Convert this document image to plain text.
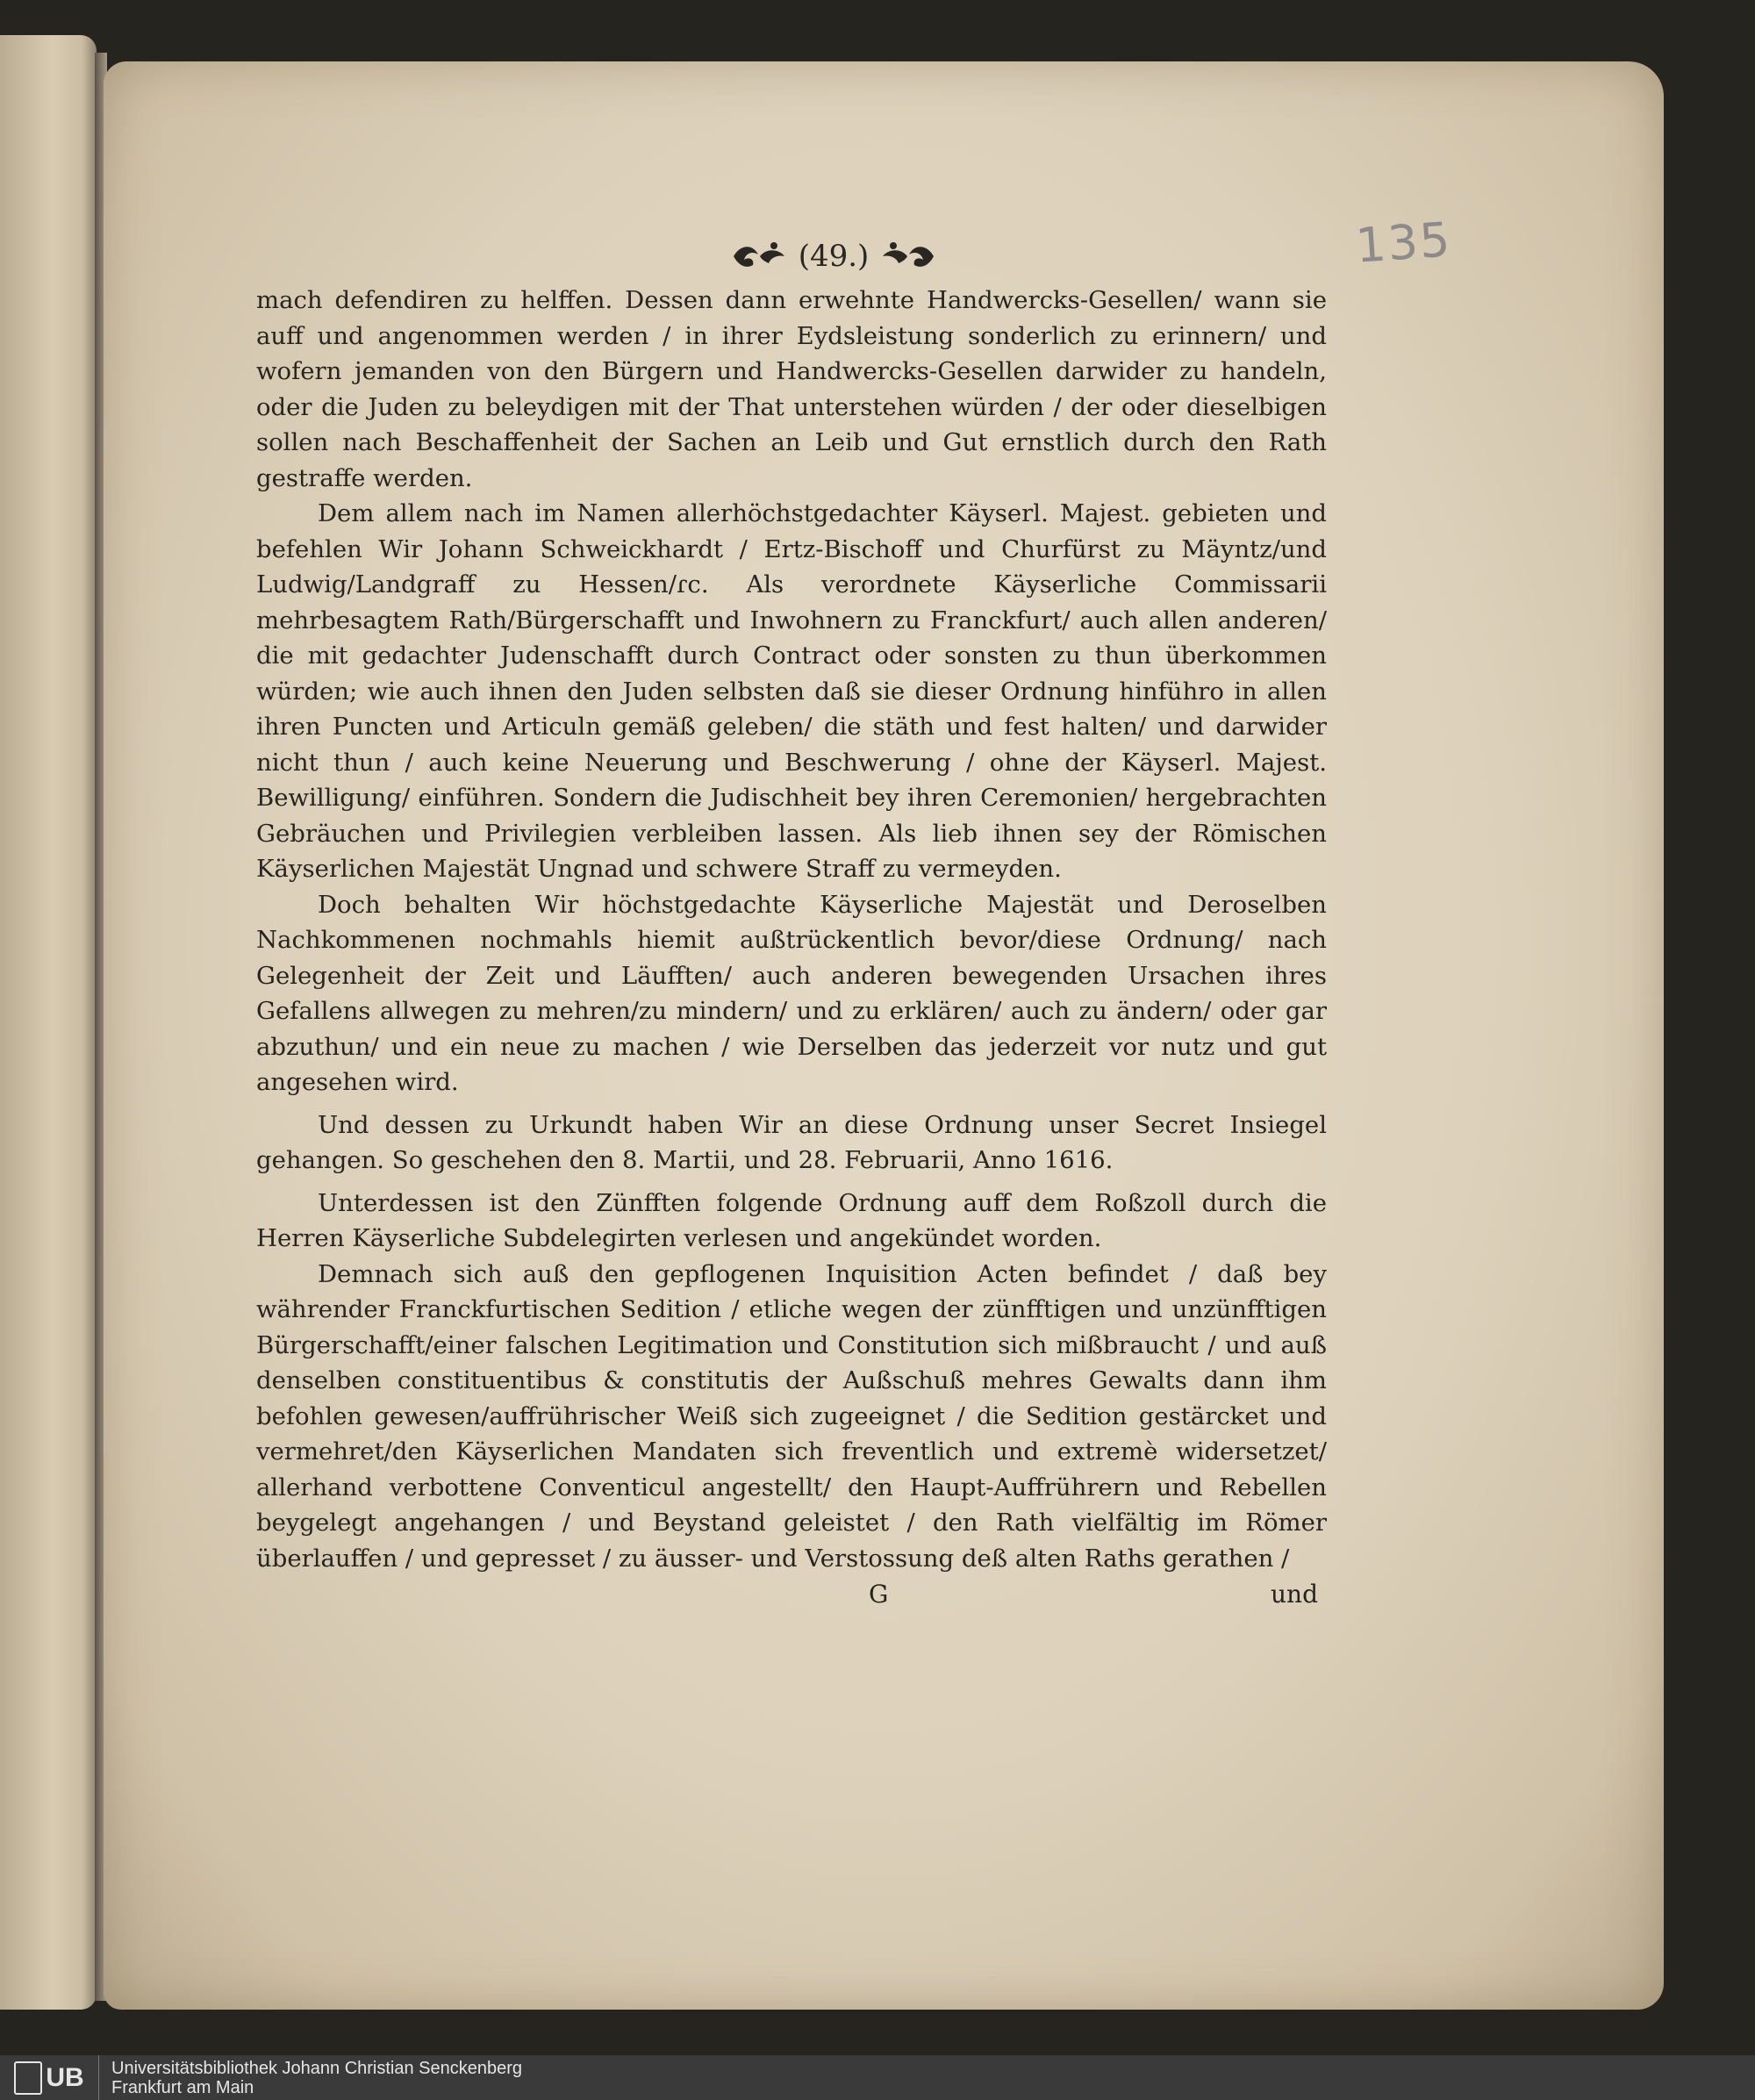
135
(49.)

mach defendiren zu helffen. Dessen dann erwehnte Handwercks-Gesellen/ wann sie auff und angenommen werden / in ihrer Eydsleistung sonderlich zu erinnern/ und wofern jemanden von den Bürgern und Handwercks-Gesellen darwider zu handeln, oder die Juden zu beleydigen mit der That unterstehen würden / der oder dieselbigen sollen nach Beschaffenheit der Sachen an Leib und Gut ernstlich durch den Rath gestraffe werden.

Dem allem nach im Namen allerhöchstgedachter Käyserl. Majest. gebieten und befehlen Wir Johann Schweickhardt / Ertz-Bischoff und Churfürst zu Mäyntz/und Ludwig/Landgraff zu Hessen/ɾc. Als verordnete Käyserliche Commissarii mehrbesagtem Rath/Bürgerschafft und Inwohnern zu Franckfurt/ auch allen anderen/ die mit gedachter Judenschafft durch Contract oder sonsten zu thun überkommen würden; wie auch ihnen den Juden selbsten daß sie dieser Ordnung hinführo in allen ihren Puncten und Articuln gemäß geleben/ die stäth und fest halten/ und darwider nicht thun / auch keine Neuerung und Beschwerung / ohne der Käyserl. Majest. Bewilligung/ einführen. Sondern die Judischheit bey ihren Ceremonien/ hergebrachten Gebräuchen und Privilegien verbleiben lassen. Als lieb ihnen sey der Römischen Käyserlichen Majestät Ungnad und schwere Straff zu vermeyden.

Doch behalten Wir höchstgedachte Käyserliche Majestät und Deroselben Nachkommenen nochmahls hiemit außtrückentlich bevor/diese Ordnung/ nach Gelegenheit der Zeit und Läufften/ auch anderen bewegenden Ursachen ihres Gefallens allwegen zu mehren/zu mindern/ und zu erklären/ auch zu ändern/ oder gar abzuthun/ und ein neue zu machen / wie Derselben das jederzeit vor nutz und gut angesehen wird.

Und dessen zu Urkundt haben Wir an diese Ordnung unser Secret Insiegel gehangen. So geschehen den 8. Martii, und 28. Februarii, Anno 1616.

Unterdessen ist den Zünfften folgende Ordnung auff dem Roßzoll durch die Herren Käyserliche Subdelegirten verlesen und angekündet worden.

Demnach sich auß den gepflogenen Inquisition Acten befindet / daß bey währender Franckfurtischen Sedition / etliche wegen der zünfftigen und unzünfftigen Bürgerschafft/einer falschen Legitimation und Constitution sich mißbraucht / und auß denselben constituentibus & constitutis der Außschuß mehres Gewalts dann ihm befohlen gewesen/auffrührischer Weiß sich zugeeignet / die Sedition gestärcket und vermehret/den Käyserlichen Mandaten sich freventlich und extremè widersetzet/ allerhand verbottene Conventicul angestellt/ den Haupt-Auffrührern und Rebellen beygelegt angehangen / und Beystand geleistet / den Rath vielfältig im Römer überlauffen / und gepresset / zu äusser- und Verstossung deß alten Raths gerathen /

G	und
UB Universitätsbibliothek Johann Christian Senckenberg
Frankfurt am Main
